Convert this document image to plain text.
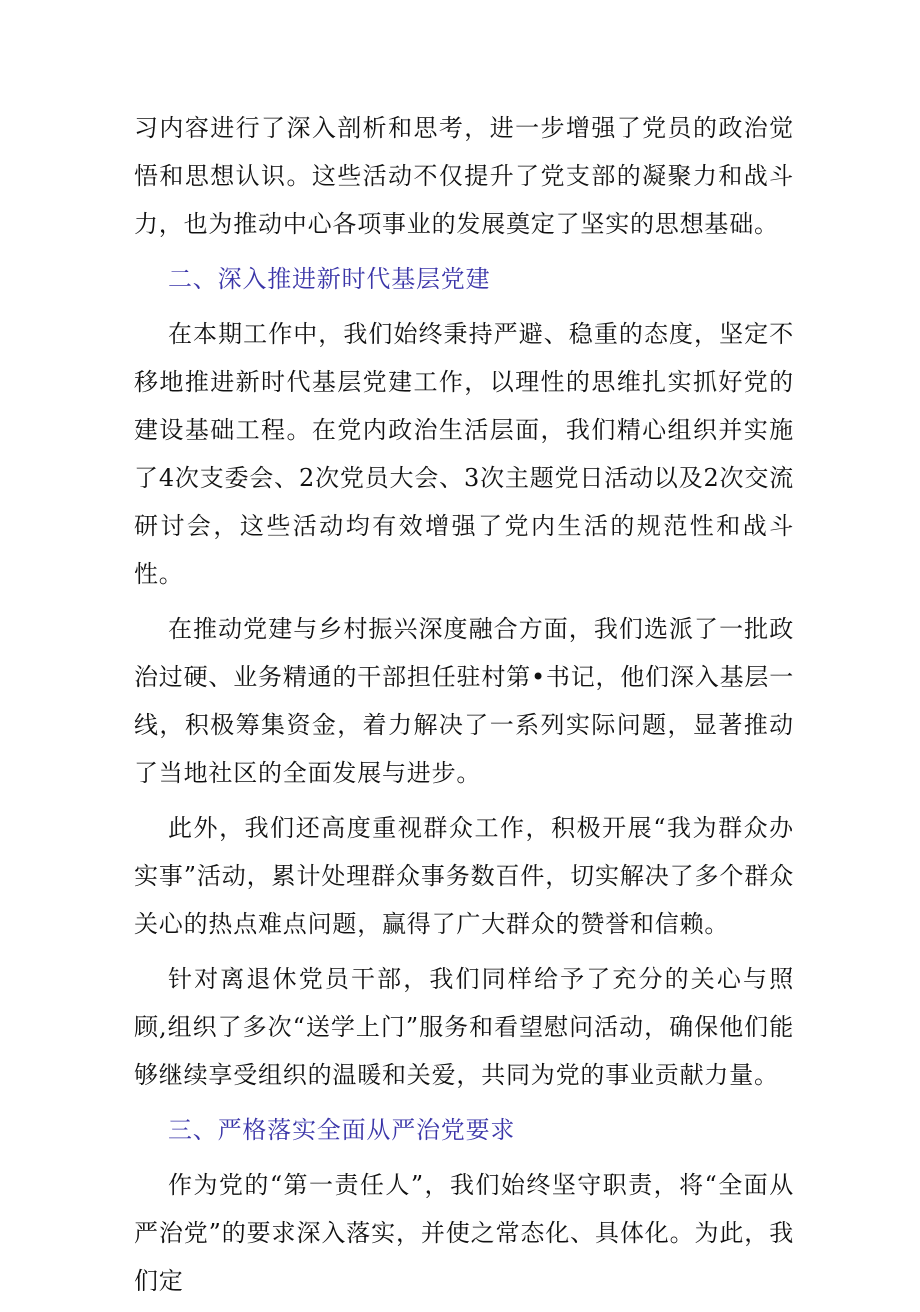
习内容进行了深入剖析和思考，进一步增强了党员的政治觉悟和思想认识。这些活动不仅提升了党支部的凝聚力和战斗力，也为推动中心各项事业的发展奠定了坚实的思想基础。

二、深入推进新时代基层党建

在本期工作中，我们始终秉持严避、稳重的态度，坚定不移地推进新时代基层党建工作，以理性的思维扎实抓好党的建设基础工程。在党内政治生活层面，我们精心组织并实施了4次支委会、2次党员大会、3次主题党日活动以及2次交流研讨会，这些活动均有效增强了党内生活的规范性和战斗性。

在推动党建与乡村振兴深度融合方面，我们选派了一批政治过硬、业务精通的干部担任驻村第•书记，他们深入基层一线，积极筹集资金，着力解决了一系列实际问题，显著推动了当地社区的全面发展与进步。

此外，我们还高度重视群众工作，积极开展“我为群众办实事”活动，累计处理群众事务数百件，切实解决了多个群众关心的热点难点问题，赢得了广大群众的赞誉和信赖。

针对离退休党员干部，我们同样给予了充分的关心与照顾,组织了多次“送学上门”服务和看望慰问活动，确保他们能够继续享受组织的温暖和关爱，共同为党的事业贡献力量。

三、严格落实全面从严治党要求

作为党的“第一责任人”，我们始终坚守职责，将“全面从严治党”的要求深入落实，并使之常态化、具体化。为此，我们定
